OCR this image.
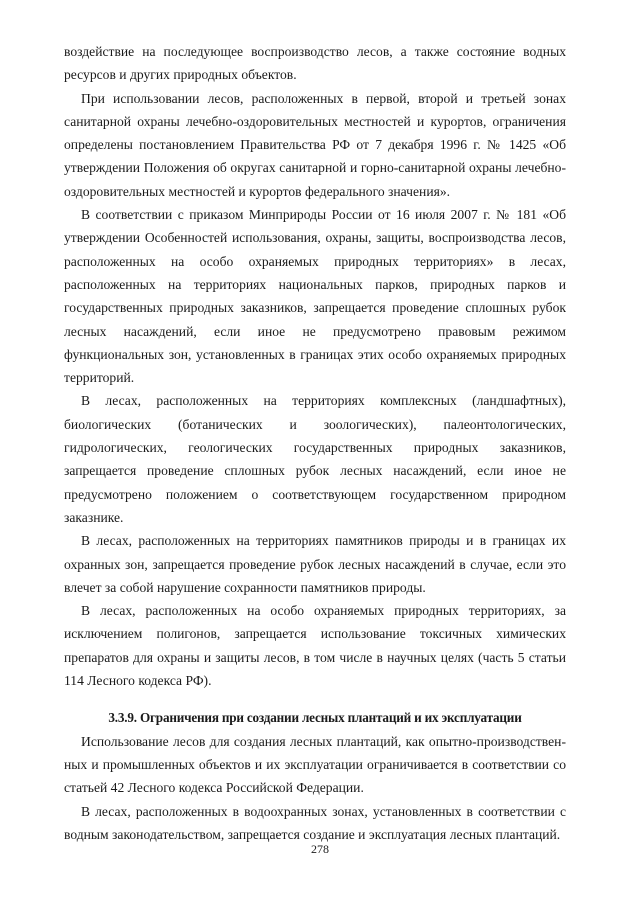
воздействие на последующее воспроизводство лесов, а также состояние водных ресурсов и других природных объектов.

При использовании лесов, расположенных в первой, второй и третьей зонах санитарной охраны лечебно-оздоровительных местностей и курортов, ограничения определены постановлением Правительства РФ от 7 декабря 1996 г. № 1425 «Об утверждении Положения об округах санитарной и горно-санитарной охраны лечебно-оздоровительных местностей и курортов федерального значения».

В соответствии с приказом Минприроды России от 16 июля 2007 г. № 181 «Об утверждении Особенностей использования, охраны, защиты, воспроизводства лесов, расположенных на особо охраняемых природных территориях» в лесах, расположенных на территориях национальных парков, природных парков и государственных природных заказников, запрещается проведение сплошных рубок лесных насаждений, если иное не предусмотрено правовым режимом функциональных зон, установленных в границах этих особо охраняемых природных территорий.

В лесах, расположенных на территориях комплексных (ландшафтных), биологических (ботанических и зоологических), палеонтологических, гидрологических, геологических государственных природных заказников, запрещается проведение сплошных рубок лесных насаждений, если иное не предусмотрено положением о соответствующем государственном природном заказнике.

В лесах, расположенных на территориях памятников природы и в границах их охранных зон, запрещается проведение рубок лесных насаждений в случае, если это влечет за собой нарушение сохранности памятников природы.

В лесах, расположенных на особо охраняемых природных территориях, за исключением полигонов, запрещается использование токсичных химических препаратов для охраны и защиты лесов, в том числе в научных целях (часть 5 статьи 114 Лесного кодекса РФ).

3.3.9. Ограничения при создании лесных плантаций и их эксплуатации

Использование лесов для создания лесных плантаций, как опытно-производствен-ных и промышленных объектов и их эксплуатации ограничивается в соответствии со статьей 42 Лесного кодекса Российской Федерации.

В лесах, расположенных в водоохранных зонах, установленных в соответствии с водным законодательством, запрещается создание и эксплуатация лесных плантаций.

278
